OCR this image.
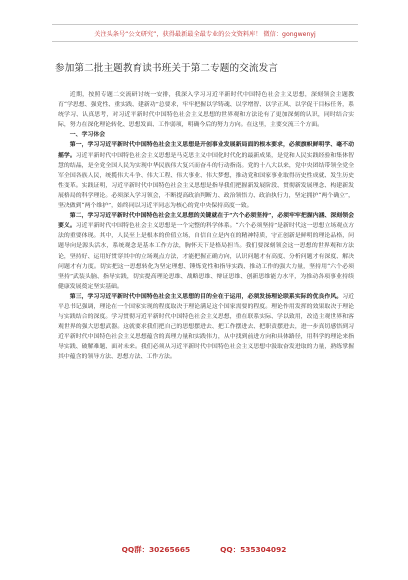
关注头条号“公文研究”，获得最新最全最专业的公文资料库！ 微信：gongwenyj
参加第二批主题教育读书班关于第二专题的交流发言

近期，按照专题二交流研讨统一安排，我深入学习习近平新时代中国特色社会主义思想，深刻领会主题教育“学思想、强党性、重实践、建新功”总要求，牢牢把握以学铸魂、以学增智、以学正风、以学促干目标任务，系统学习、认真思考，对习近平新时代中国特色社会主义思想的世界观和方法论有了更加深刻的认识，同时结合实际，努力在深化理论转化、思想发面、工作弱项，明确今后的努力方向。在这里，主要交流三个方面。

一、学习体会

第一，学习习近平新时代中国特色社会主义思想是开创事业发展新局面的根本要求，必须旗帜鲜明学、毫不动摇学。习近平新时代中国特色社会主义思想是马克思主义中国化时代化的最新成果，是党和人民实践经验和集体智慧的结晶，是全党全国人民为实现中华民族伟大复兴而奋斗的行动指南。党的十八大以来，党中央团结带领全党全军全国各族人民，统揽伟大斗争、伟大工程、伟大事业、伟大梦想，推动党和国家事业取得历史性成就、发生历史性变革。实践证明，习近平新时代中国特色社会主义思想是指导我们把握新发展阶段、贯彻新发展理念、构建新发展格局的科学理论。必须深入学习领会，不断提高政治判断力、政治领悟力、政治执行力，坚定拥护“两个确立”，坚决做到“两个维护”，始终同以习近平同志为核心的党中央保持高度一致。

第二，学习习近平新时代中国特色社会主义思想的关键就在于“六个必须坚持”，必须牢牢把握内涵、深刻领会要义。习近平新时代中国特色社会主义思想是一个完整的科学体系。“六个必须坚持”是新时代这一思想立场观点方法的重要体现。其中，人民至上是根本的价值立场，自信自立是内在的精神特质，守正创新是鲜明的理论品格，问题导向是源头活水，系统观念是基本工作方法，胸怀天下是格局担当。我们要深刻领会这一思想的世界观和方法论，坚持好、运用好贯穿其中的立场观点方法，才能把握正确方向，认识问题才有高度、分析问题才有深度、解决问题才有力度。切实把这一思想转化为坚定理想、锤炼党性和指导实践、推动工作的强大力量，坚持用“六个必须坚持”武装头脑、指导实践，切实提高理论思维、战略思维、辩证思维、创新思维能力水平，为推动各项事业持续健康发展奠定坚实基础。

第三，学习习近平新时代中国特色社会主义思想的目的全在于运用，必须发扬理论联系实际的优良作风。习近平总书记强调，理论在一个国家实现的程度取决于理论满足这个国家需要的程度。理论作用发挥的效果取决于理论与实践结合的深度。学习贯彻习近平新时代中国特色社会主义思想，重在联系实际、学以致用，改造主观世界和客观世界的强大思想武器。这就要求我们把自己的思想摆进去、把工作摆进去、把职责摆进去，进一步真切感悟到习近平新时代中国特色社会主义思想蕴含的真理力量和实践伟力，从中找到前进方向和具体路径，用科学的理论来指导实践、破解难题、面对未来。我们必须从习近平新时代中国特色社会主义思想中汲取奋发进取的力量，熟练掌握其中蕴含的领导方法、思想方法、工作方法。

QQ群：30265665	QQ：535304092
